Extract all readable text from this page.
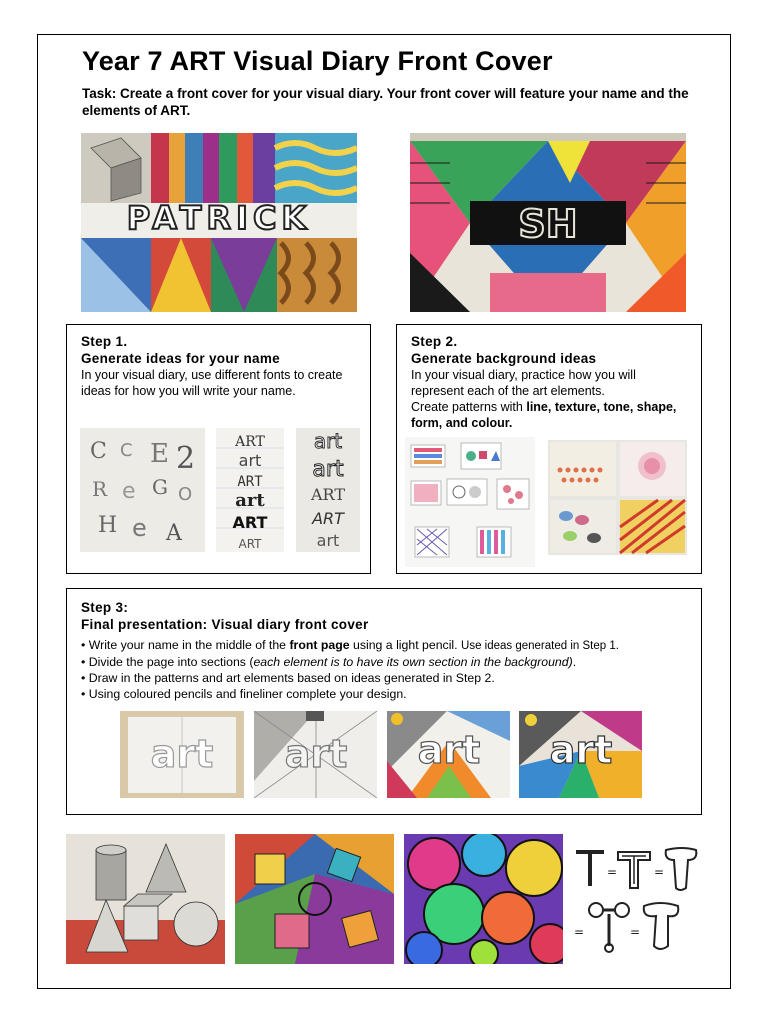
Year 7 ART Visual Diary Front Cover
Task: Create a front cover for your visual diary. Your front cover will feature your name and the elements of ART.
PATRICK	SH
Step 1.
Generate ideas for your name
In your visual diary, use different fonts to create ideas for how you will write your name.
C C Ε 2
R e G O
H e A
ART
art
ART
art
ART
ART
art
art
ART
ART
art
Step 2.
Generate background ideas
In your visual diary, practice how you will represent each of the art elements.
Create patterns with line, texture, tone, shape, form, and colour.
Step 3:
Final presentation: Visual diary front cover
• Write your name in the middle of the front page using a light pencil. Use ideas generated in Step 1.
• Divide the page into sections (each element is to have its own section in the background).
• Draw in the patterns and art elements based on ideas generated in Step 2.
• Using coloured pencils and fineliner complete your design.
art art art art
=	=
=	=
